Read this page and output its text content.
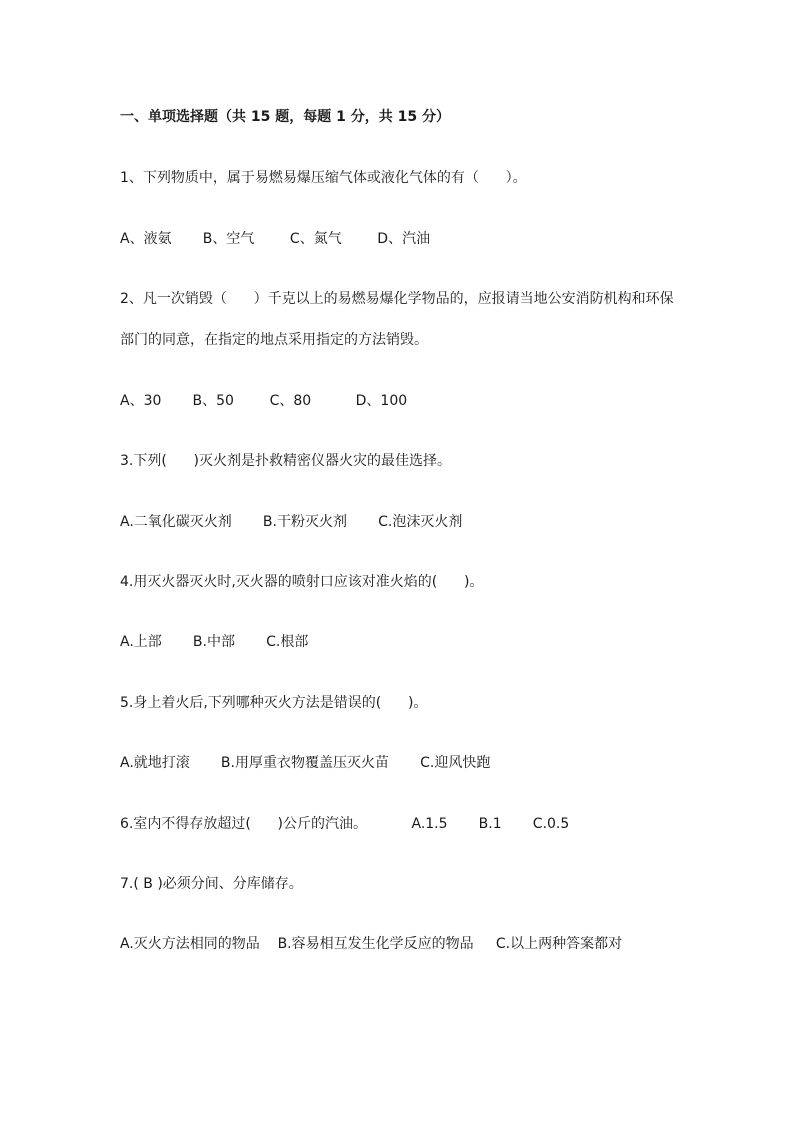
一、单项选择题（共 15 题，每题 1 分，共 15 分）
1、下列物质中，属于易燃易爆压缩气体或液化气体的有（      ）。
A、液氨       B、空气        C、氮气        D、汽油
2、凡一次销毁（      ）千克以上的易燃易爆化学物品的，应报请当地公安消防机构和环保
部门的同意，在指定的地点采用指定的方法销毁。
A、30       B、50        C、80          D、100
3.下列(      )灭火剂是扑救精密仪器火灾的最佳选择。
A.二氧化碳灭火剂       B.干粉灭火剂       C.泡沫灭火剂
4.用灭火器灭火时,灭火器的喷射口应该对准火焰的(      )。
A.上部       B.中部       C.根部
5.身上着火后,下列哪种灭火方法是错误的(      )。
A.就地打滚       B.用厚重衣物覆盖压灭火苗       C.迎风快跑
6.室内不得存放超过(      )公斤的汽油。          A.1.5       B.1       C.0.5
7.( B )必须分间、分库储存。
A.灭火方法相同的物品    B.容易相互发生化学反应的物品     C.以上两种答案都对
